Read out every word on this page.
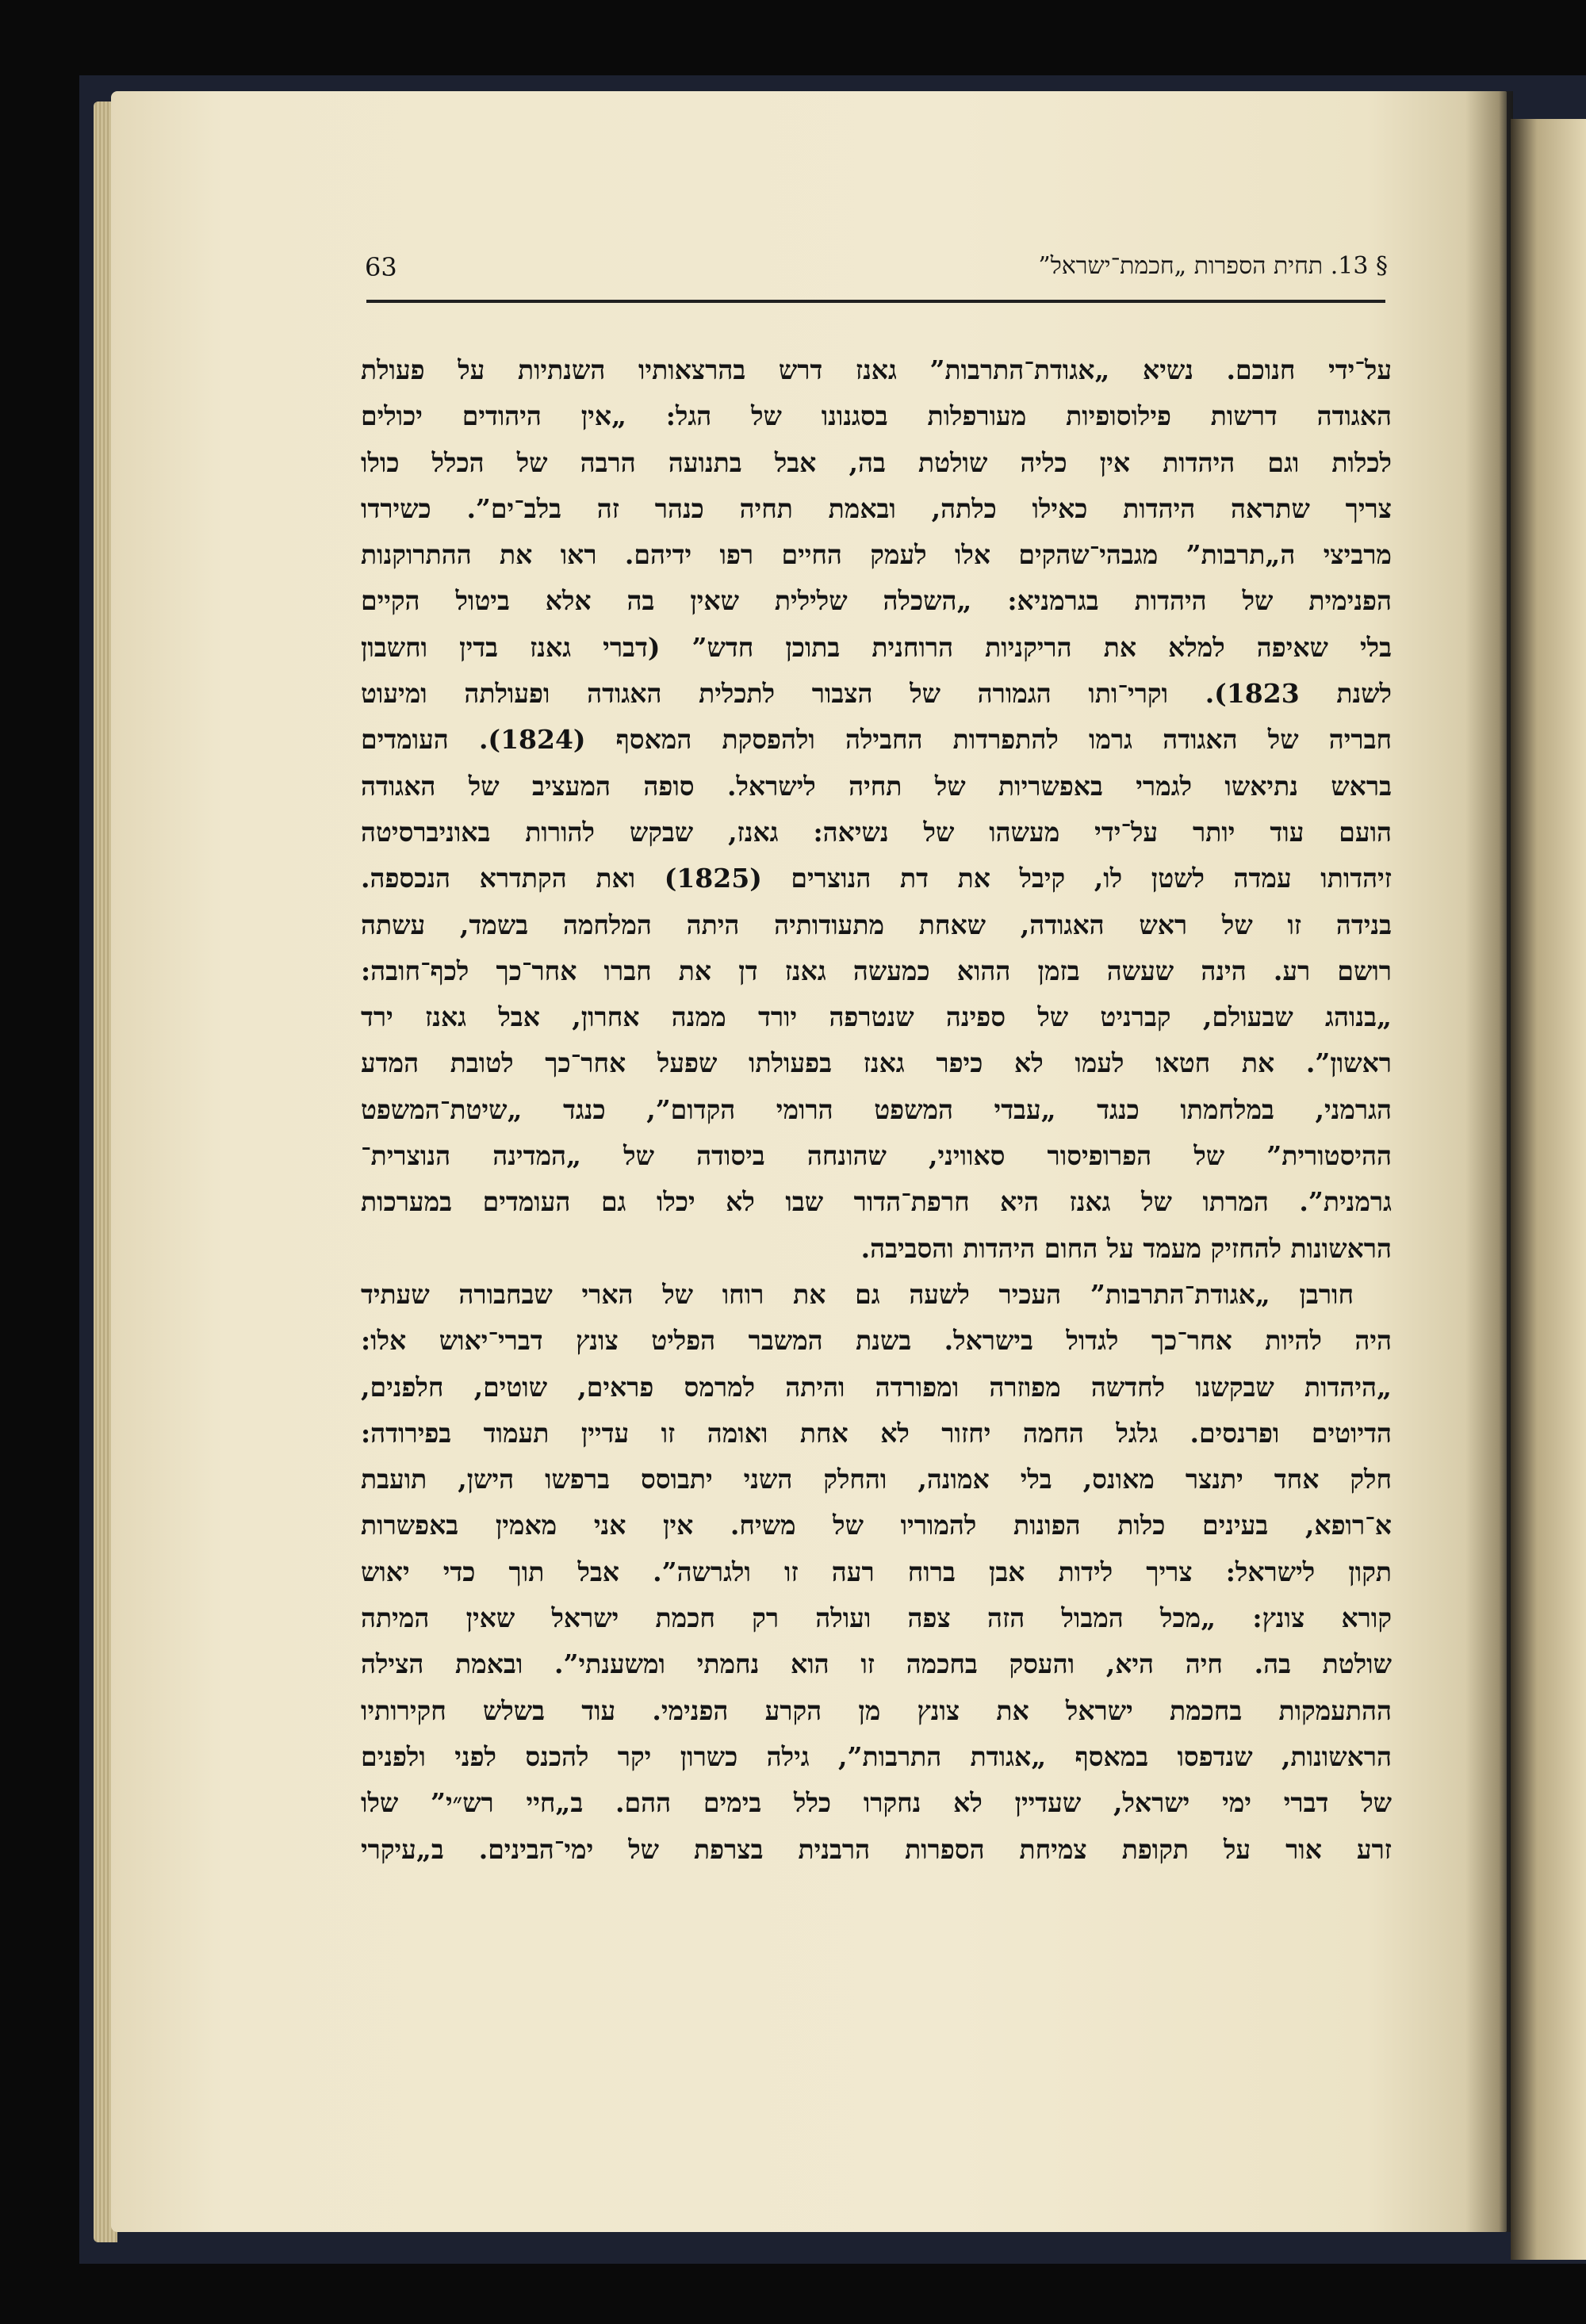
§ 13. תחית הספרות „חכמת־ישראל”
63
על־ידי חנוכם. נשיא „אגודת־התרבות” גאנז דרש בהרצאותיו השנתיות על פעולת
האגודה דרשות פילוסופיות מעורפלות בסגנונו של הגל: „אין היהודים יכולים
לכלות וגם היהדות אין כליה שולטת בה, אבל בתנועה הרבה של הכלל כולו
צריך שתראה היהדות כאילו כלתה, ובאמת תחיה כנהר זה בלב־ים”. כשירדו
מרביצי ה„תרבות” מגבהי־שהקים אלו לעמק החיים רפו ידיהם. ראו את ההתרוקנות
הפנימית של היהדות בגרמניא: „השכלה שלילית שאין בה אלא ביטול הקיים
בלי שאיפה למלא את הריקניות הרוחנית בתוכן חדש” (דברי גאנז בדין וחשבון
לשנת 1823). וקרי־ותו הגמורה של הצבור לתכלית האגודה ופעולתה ומיעוט
חבריה של האגודה גרמו להתפרדות החבילה ולהפסקת המאסף (1824). העומדים
בראש נתיאשו לגמרי באפשריות של תחיה לישראל. סופה המעציב של האגודה
הועם עוד יותר על־ידי מעשהו של נשיאה: גאנז, שבקש להורות באוניברסיטה
זיהדותו עמדה לשטן לו, קיבל את דת הנוצרים (1825) ואת הקתדרא הנכספה.
בנידה זו של ראש האגודה, שאחת מתעודותיה היתה המלחמה בשמד, עשתה
רושם רע. הינה שעשה בזמן ההוא כמעשה גאנז דן את חברו אחר־כך לכף־חובה:
„בנוהג שבעולם, קברניט של ספינה שנטרפה יורד ממנה אחרון, אבל גאנז ירד
ראשון”. את חטאו לעמו לא כיפר גאנז בפעולתו שפעל אחר־כך לטובת המדע
הגרמני, במלחמתו כנגד „עבדי המשפט הרומי הקדום”, כנגד „שיטת־המשפט
ההיסטורית” של הפרופיסור סאוויני, שהונחה ביסודה של „המדינה הנוצרית־
גרמנית”. המרתו של גאנז היא חרפת־הדור שבו לא יכלו גם העומדים במערכות
הראשונות להחזיק מעמד על החום היהדות והסביבה.
חורבן „אגודת־התרבות” העכיר לשעה גם את רוחו של הארי שבחבורה שעתיד
היה להיות אחר־כך לגדול בישראל. בשנת המשבר הפליט צונץ דברי־יאוש אלו:
„היהדות שבקשנו לחדשה מפוזרה ומפורדה והיתה למרמס פראים, שוטים, חלפנים,
הדיוטים ופרנסים. גלגל החמה יחזור לא אחת ואומה זו עדיין תעמוד בפירודה:
חלק אחד יתנצר מאונס, בלי אמונה, והחלק השני יתבוסס ברפשו הישן, תועבת
א־רופא, בעינים כלות הפונות להמוריו של משיח. אין אני מאמין באפשרות
תקון לישראל: צריך לידות אבן ברוח רעה זו ולגרשה”. אבל תוך כדי יאוש
קורא צונץ: „מכל המבול הזה צפה ועולה רק חכמת ישראל שאין המיתה
שולטת בה. חיה היא, והעסק בחכמה זו הוא נחמתי ומשענתי”. ובאמת הצילה
ההתעמקות בחכמת ישראל את צונץ מן הקרע הפנימי. עוד בשלש חקירותיו
הראשונות, שנדפסו במאסף „אגודת התרבות”, גילה כשרון יקר להכנס לפני ולפנים
של דברי ימי ישראל, שעדיין לא נחקרו כלל בימים ההם. ב„חיי רש״י” שלו
זרע אור על תקופת צמיחת הספרות הרבנית בצרפת של ימי־הבינים. ב„עיקרי
